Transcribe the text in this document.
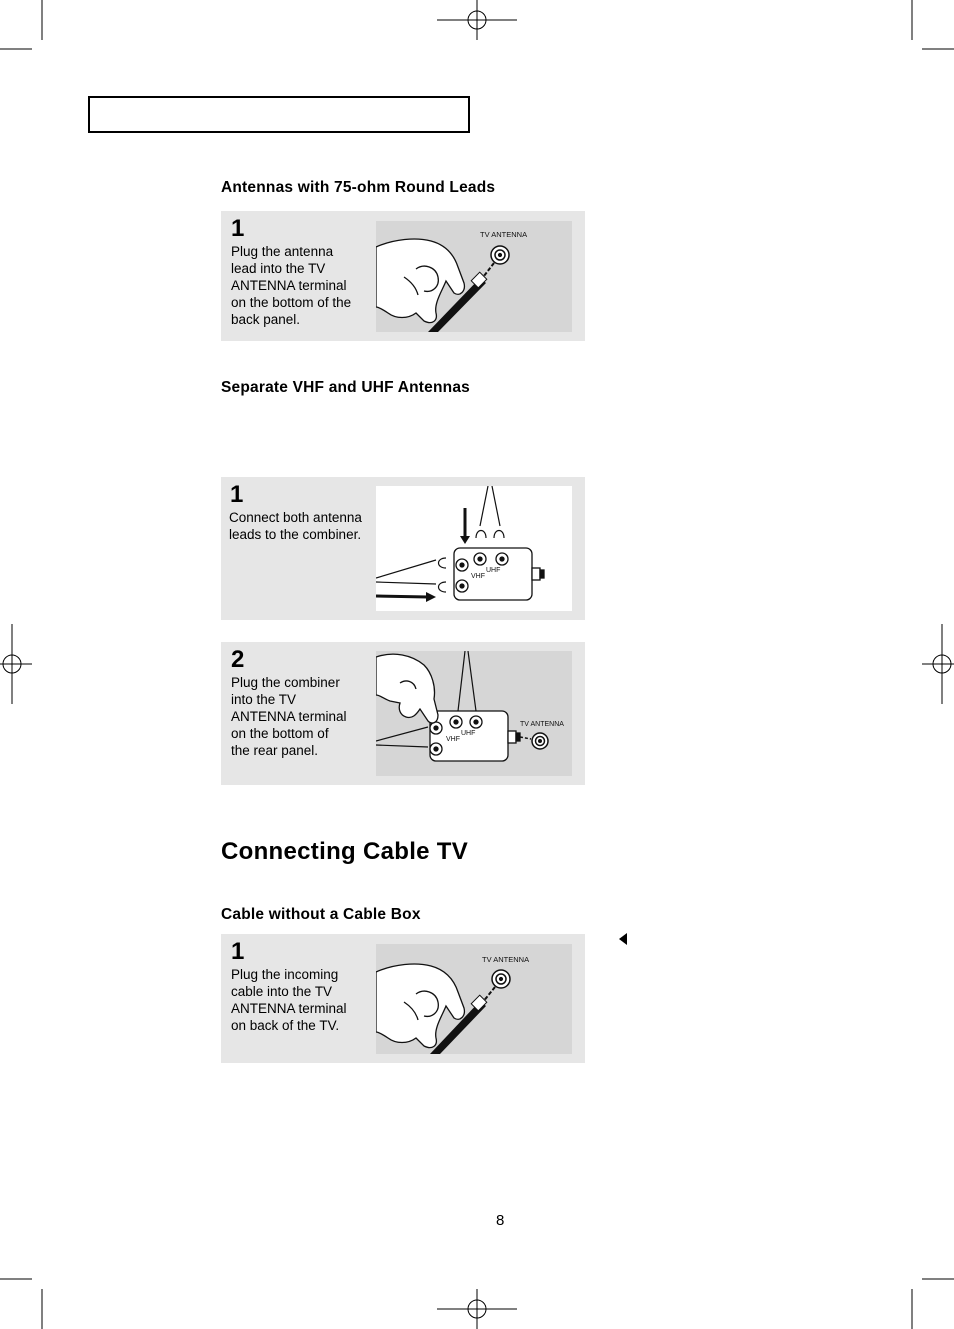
Antennas with 75-ohm Round Leads
1
Plug the antenna
lead into the TV
ANTENNA terminal
on the bottom of the
back panel.
TV ANTENNA
Separate VHF and UHF Antennas
1
Connect both antenna
leads to the combiner.
UHF
VHF
2
Plug the combiner
into the TV
ANTENNA terminal
on the bottom of
the rear panel.
UHF
VHF
TV ANTENNA
Connecting Cable TV
Cable without a Cable Box
1
Plug the incoming
cable into the TV
ANTENNA terminal
on back of the TV.
TV ANTENNA
8
